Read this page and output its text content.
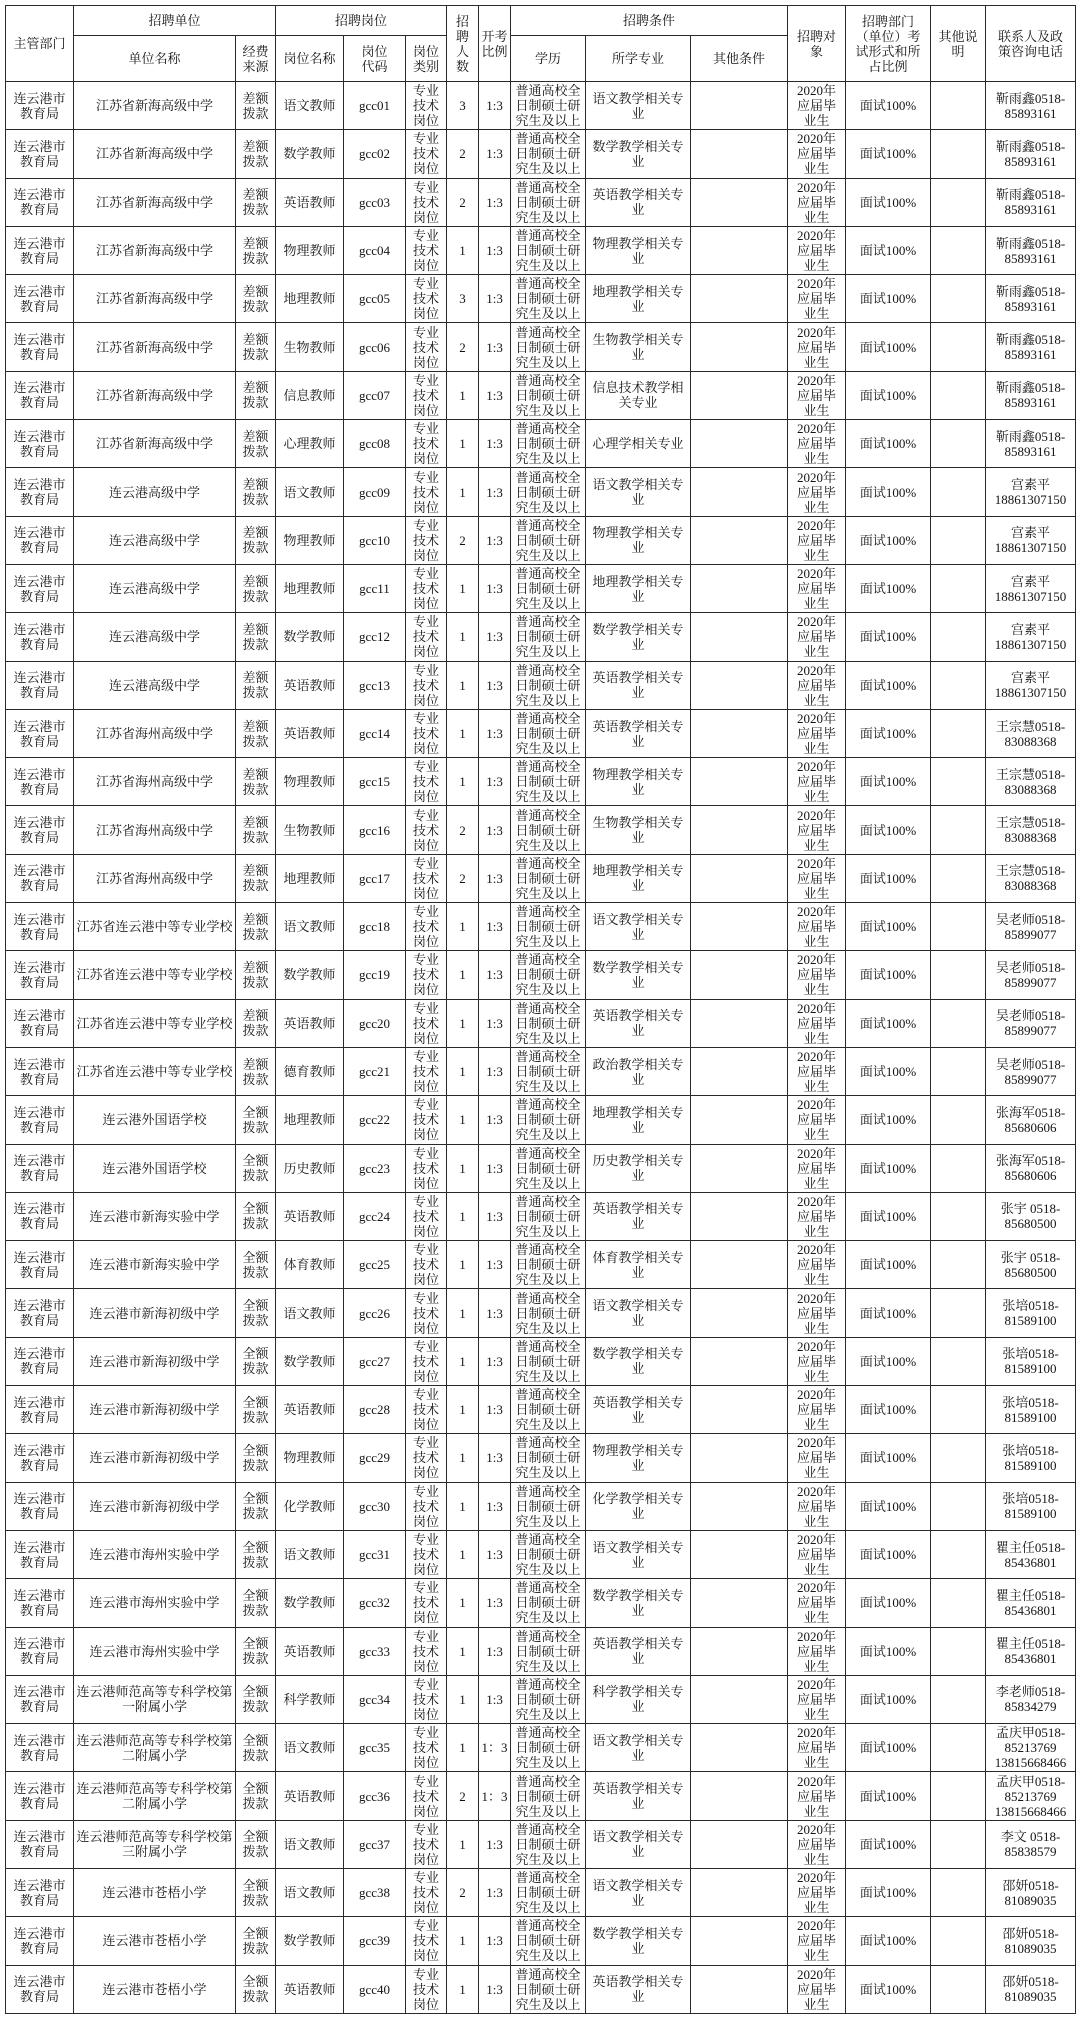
主管部门	招聘单位		招聘岗位			招聘人数	开考比例	招聘条件			招聘对象	招聘部门（单位）考试形式和所占比例	其他说明	联系人及政策咨询电话

	单位名称	经费来源	岗位名称	岗位代码	岗位类别			学历	所学专业	其他条件				

连云港市教育局	江苏省新海高级中学	差额拨款	语文教师	gcc01	专业技术岗位	3	1:3	普通高校全日制硕士研究生及以上	语文教学相关专业		2020年应届毕业生	面试100%		靳雨鑫0518-85893161

连云港市教育局	江苏省新海高级中学	差额拨款	数学教师	gcc02	专业技术岗位	2	1:3	普通高校全日制硕士研究生及以上	数学教学相关专业		2020年应届毕业生	面试100%		靳雨鑫0518-85893161

连云港市教育局	江苏省新海高级中学	差额拨款	英语教师	gcc03	专业技术岗位	2	1:3	普通高校全日制硕士研究生及以上	英语教学相关专业		2020年应届毕业生	面试100%		靳雨鑫0518-85893161

连云港市教育局	江苏省新海高级中学	差额拨款	物理教师	gcc04	专业技术岗位	1	1:3	普通高校全日制硕士研究生及以上	物理教学相关专业		2020年应届毕业生	面试100%		靳雨鑫0518-85893161

连云港市教育局	江苏省新海高级中学	差额拨款	地理教师	gcc05	专业技术岗位	3	1:3	普通高校全日制硕士研究生及以上	地理教学相关专业		2020年应届毕业生	面试100%		靳雨鑫0518-85893161

连云港市教育局	江苏省新海高级中学	差额拨款	生物教师	gcc06	专业技术岗位	2	1:3	普通高校全日制硕士研究生及以上	生物教学相关专业		2020年应届毕业生	面试100%		靳雨鑫0518-85893161

连云港市教育局	江苏省新海高级中学	差额拨款	信息教师	gcc07	专业技术岗位	1	1:3	普通高校全日制硕士研究生及以上	信息技术教学相关专业		2020年应届毕业生	面试100%		靳雨鑫0518-85893161

连云港市教育局	江苏省新海高级中学	差额拨款	心理教师	gcc08	专业技术岗位	1	1:3	普通高校全日制硕士研究生及以上	心理学相关专业		2020年应届毕业生	面试100%		靳雨鑫0518-85893161

连云港市教育局	连云港高级中学	差额拨款	语文教师	gcc09	专业技术岗位	1	1:3	普通高校全日制硕士研究生及以上	语文教学相关专业		2020年应届毕业生	面试100%		宫素平18861307150

连云港市教育局	连云港高级中学	差额拨款	物理教师	gcc10	专业技术岗位	2	1:3	普通高校全日制硕士研究生及以上	物理教学相关专业		2020年应届毕业生	面试100%		宫素平18861307150

连云港市教育局	连云港高级中学	差额拨款	地理教师	gcc11	专业技术岗位	1	1:3	普通高校全日制硕士研究生及以上	地理教学相关专业		2020年应届毕业生	面试100%		宫素平18861307150

连云港市教育局	连云港高级中学	差额拨款	数学教师	gcc12	专业技术岗位	1	1:3	普通高校全日制硕士研究生及以上	数学教学相关专业		2020年应届毕业生	面试100%		宫素平18861307150

连云港市教育局	连云港高级中学	差额拨款	英语教师	gcc13	专业技术岗位	1	1:3	普通高校全日制硕士研究生及以上	英语教学相关专业		2020年应届毕业生	面试100%		宫素平18861307150

连云港市教育局	江苏省海州高级中学	差额拨款	英语教师	gcc14	专业技术岗位	1	1:3	普通高校全日制硕士研究生及以上	英语教学相关专业		2020年应届毕业生	面试100%		王宗慧0518-83088368

连云港市教育局	江苏省海州高级中学	差额拨款	物理教师	gcc15	专业技术岗位	1	1:3	普通高校全日制硕士研究生及以上	物理教学相关专业		2020年应届毕业生	面试100%		王宗慧0518-83088368

连云港市教育局	江苏省海州高级中学	差额拨款	生物教师	gcc16	专业技术岗位	2	1:3	普通高校全日制硕士研究生及以上	生物教学相关专业		2020年应届毕业生	面试100%		王宗慧0518-83088368

连云港市教育局	江苏省海州高级中学	差额拨款	地理教师	gcc17	专业技术岗位	2	1:3	普通高校全日制硕士研究生及以上	地理教学相关专业		2020年应届毕业生	面试100%		王宗慧0518-83088368

连云港市教育局	江苏省连云港中等专业学校	差额拨款	语文教师	gcc18	专业技术岗位	1	1:3	普通高校全日制硕士研究生及以上	语文教学相关专业		2020年应届毕业生	面试100%		吴老师0518-85899077

连云港市教育局	江苏省连云港中等专业学校	差额拨款	数学教师	gcc19	专业技术岗位	1	1:3	普通高校全日制硕士研究生及以上	数学教学相关专业		2020年应届毕业生	面试100%		吴老师0518-85899077

连云港市教育局	江苏省连云港中等专业学校	差额拨款	英语教师	gcc20	专业技术岗位	1	1:3	普通高校全日制硕士研究生及以上	英语教学相关专业		2020年应届毕业生	面试100%		吴老师0518-85899077

连云港市教育局	江苏省连云港中等专业学校	差额拨款	德育教师	gcc21	专业技术岗位	1	1:3	普通高校全日制硕士研究生及以上	政治教学相关专业		2020年应届毕业生	面试100%		吴老师0518-85899077

连云港市教育局	连云港外国语学校	全额拨款	地理教师	gcc22	专业技术岗位	1	1:3	普通高校全日制硕士研究生及以上	地理教学相关专业		2020年应届毕业生	面试100%		张海军0518-85680606

连云港市教育局	连云港外国语学校	全额拨款	历史教师	gcc23	专业技术岗位	1	1:3	普通高校全日制硕士研究生及以上	历史教学相关专业		2020年应届毕业生	面试100%		张海军0518-85680606

连云港市教育局	连云港市新海实验中学	全额拨款	英语教师	gcc24	专业技术岗位	1	1:3	普通高校全日制硕士研究生及以上	英语教学相关专业		2020年应届毕业生	面试100%		张宇 0518-85680500

连云港市教育局	连云港市新海实验中学	全额拨款	体育教师	gcc25	专业技术岗位	1	1:3	普通高校全日制硕士研究生及以上	体育教学相关专业		2020年应届毕业生	面试100%		张宇 0518-85680500

连云港市教育局	连云港市新海初级中学	全额拨款	语文教师	gcc26	专业技术岗位	1	1:3	普通高校全日制硕士研究生及以上	语文教学相关专业		2020年应届毕业生	面试100%		张培0518-81589100

连云港市教育局	连云港市新海初级中学	全额拨款	数学教师	gcc27	专业技术岗位	1	1:3	普通高校全日制硕士研究生及以上	数学教学相关专业		2020年应届毕业生	面试100%		张培0518-81589100

连云港市教育局	连云港市新海初级中学	全额拨款	英语教师	gcc28	专业技术岗位	1	1:3	普通高校全日制硕士研究生及以上	英语教学相关专业		2020年应届毕业生	面试100%		张培0518-81589100

连云港市教育局	连云港市新海初级中学	全额拨款	物理教师	gcc29	专业技术岗位	1	1:3	普通高校全日制硕士研究生及以上	物理教学相关专业		2020年应届毕业生	面试100%		张培0518-81589100

连云港市教育局	连云港市新海初级中学	全额拨款	化学教师	gcc30	专业技术岗位	1	1:3	普通高校全日制硕士研究生及以上	化学教学相关专业		2020年应届毕业生	面试100%		张培0518-81589100

连云港市教育局	连云港市海州实验中学	全额拨款	语文教师	gcc31	专业技术岗位	1	1:3	普通高校全日制硕士研究生及以上	语文教学相关专业		2020年应届毕业生	面试100%		瞿主任0518-85436801

连云港市教育局	连云港市海州实验中学	全额拨款	数学教师	gcc32	专业技术岗位	1	1:3	普通高校全日制硕士研究生及以上	数学教学相关专业		2020年应届毕业生	面试100%		瞿主任0518-85436801

连云港市教育局	连云港市海州实验中学	全额拨款	英语教师	gcc33	专业技术岗位	1	1:3	普通高校全日制硕士研究生及以上	英语教学相关专业		2020年应届毕业生	面试100%		瞿主任0518-85436801

连云港市教育局	连云港师范高等专科学校第一附属小学	全额拨款	科学教师	gcc34	专业技术岗位	1	1:3	普通高校全日制硕士研究生及以上	科学教学相关专业		2020年应届毕业生	面试100%		李老师0518-85834279

连云港市教育局	连云港师范高等专科学校第二附属小学	全额拨款	语文教师	gcc35	专业技术岗位	1	1：3	普通高校全日制硕士研究生及以上	语文教学相关专业		2020年应届毕业生	面试100%		孟庆甲0518-85213769 13815668466

连云港市教育局	连云港师范高等专科学校第二附属小学	全额拨款	英语教师	gcc36	专业技术岗位	2	1：3	普通高校全日制硕士研究生及以上	英语教学相关专业		2020年应届毕业生	面试100%		孟庆甲0518-85213769 13815668466

连云港市教育局	连云港师范高等专科学校第三附属小学	全额拨款	语文教师	gcc37	专业技术岗位	1	1:3	普通高校全日制硕士研究生及以上	语文教学相关专业		2020年应届毕业生	面试100%		李文 0518-85838579

连云港市教育局	连云港市苍梧小学	全额拨款	语文教师	gcc38	专业技术岗位	2	1:3	普通高校全日制硕士研究生及以上	语文教学相关专业		2020年应届毕业生	面试100%		邵妍0518-81089035

连云港市教育局	连云港市苍梧小学	全额拨款	数学教师	gcc39	专业技术岗位	1	1:3	普通高校全日制硕士研究生及以上	数学教学相关专业		2020年应届毕业生	面试100%		邵妍0518-81089035

连云港市教育局	连云港市苍梧小学	全额拨款	英语教师	gcc40	专业技术岗位	1	1:3	普通高校全日制硕士研究生及以上	英语教学相关专业		2020年应届毕业生	面试100%		邵妍0518-81089035
